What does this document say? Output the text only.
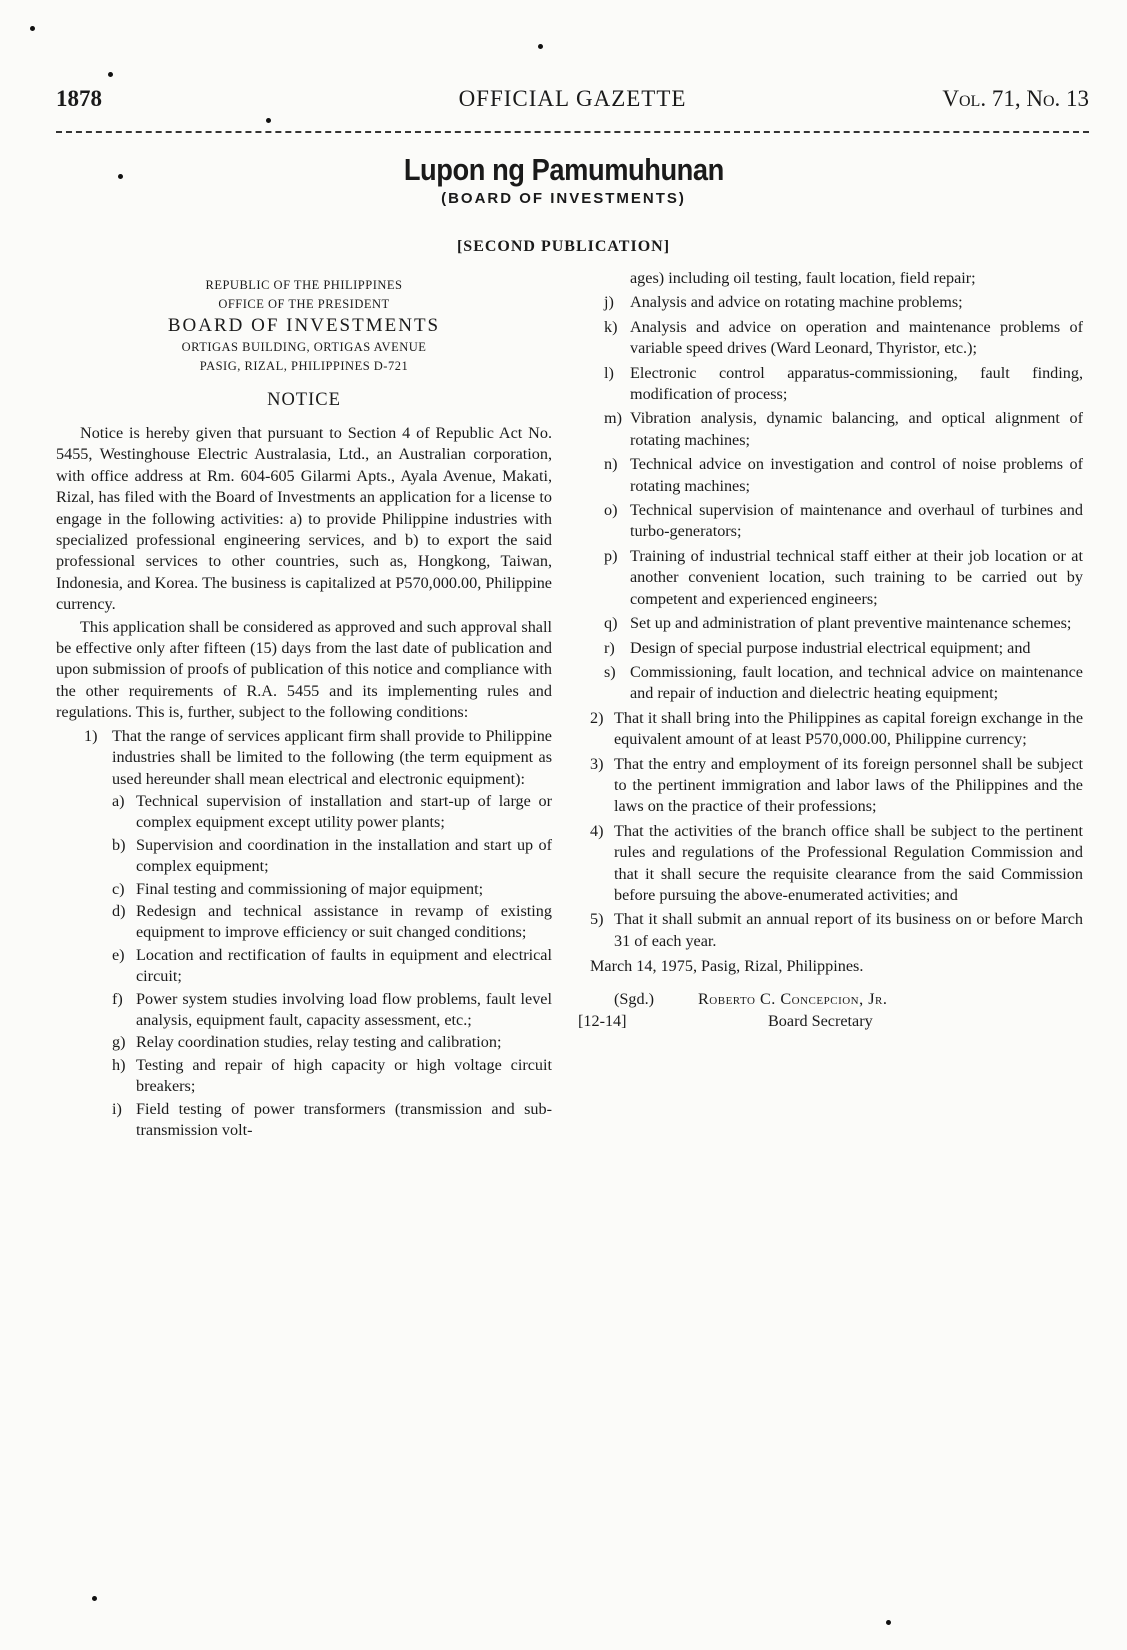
1878	OFFICIAL GAZETTE	Vol. 71, No. 13
Lupon ng Pamumuhunan
(BOARD OF INVESTMENTS)
[SECOND PUBLICATION]
REPUBLIC OF THE PHILIPPINES
OFFICE OF THE PRESIDENT
BOARD OF INVESTMENTS
ORTIGAS BUILDING, ORTIGAS AVENUE
PASIG, RIZAL, PHILIPPINES D-721
NOTICE

Notice is hereby given that pursuant to Section 4 of Republic Act No. 5455, Westinghouse Electric Australasia, Ltd., an Australian corporation, with office address at Rm. 604-605 Gilarmi Apts., Ayala Avenue, Makati, Rizal, has filed with the Board of Investments an application for a license to engage in the following activities: a) to provide Philippine industries with specialized professional engineering services, and b) to export the said professional services to other countries, such as, Hongkong, Taiwan, Indonesia, and Korea. The business is capitalized at P570,000.00, Philippine currency.

This application shall be considered as approved and such approval shall be effective only after fifteen (15) days from the last date of publication and upon submission of proofs of publication of this notice and compliance with the other requirements of R.A. 5455 and its implementing rules and regulations. This is, further, subject to the following conditions:

1) That the range of services applicant firm shall provide to Philippine industries shall be limited to the following (the term equipment as used hereunder shall mean electrical and electronic equipment):
a) Technical supervision of installation and start-up of large or complex equipment except utility power plants;
b) Supervision and coordination in the installation and start up of complex equipment;
c) Final testing and commissioning of major equipment;
d) Redesign and technical assistance in revamp of existing equipment to improve efficiency or suit changed conditions;
e) Location and rectification of faults in equipment and electrical circuit;
f) Power system studies involving load flow problems, fault level analysis, equipment fault, capacity assessment, etc.;
g) Relay coordination studies, relay testing and calibration;
h) Testing and repair of high capacity or high voltage circuit breakers;
i) Field testing of power transformers (transmission and sub-transmission volt-
ages) including oil testing, fault location, field repair;
j) Analysis and advice on rotating machine problems;
k) Analysis and advice on operation and maintenance problems of variable speed drives (Ward Leonard, Thyristor, etc.);
l) Electronic control apparatus-commissioning, fault finding, modification of process;
m) Vibration analysis, dynamic balancing, and optical alignment of rotating machines;
n) Technical advice on investigation and control of noise problems of rotating machines;
o) Technical supervision of maintenance and overhaul of turbines and turbo-generators;
p) Training of industrial technical staff either at their job location or at another convenient location, such training to be carried out by competent and experienced engineers;
q) Set up and administration of plant preventive maintenance schemes;
r) Design of special purpose industrial electrical equipment; and
s) Commissioning, fault location, and technical advice on maintenance and repair of induction and dielectric heating equipment;
2) That it shall bring into the Philippines as capital foreign exchange in the equivalent amount of at least P570,000.00, Philippine currency;
3) That the entry and employment of its foreign personnel shall be subject to the pertinent immigration and labor laws of the Philippines and the laws on the practice of their professions;
4) That the activities of the branch office shall be subject to the pertinent rules and regulations of the Professional Regulation Commission and that it shall secure the requisite clearance from the said Commission before pursuing the above-enumerated activities; and
5) That it shall submit an annual report of its business on or before March 31 of each year.
March 14, 1975, Pasig, Rizal, Philippines.
(Sgd.)	Roberto C. Concepcion, Jr.
[12-14]	Board Secretary
